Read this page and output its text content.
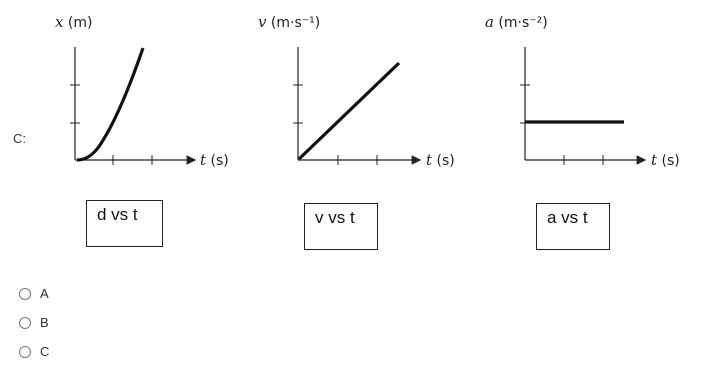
C:
x (m)
t (s)
v (m·s⁻¹)
t (s)
a (m·s⁻²)
t (s)
d vs t	v vs t	a vs t
A
B
C
